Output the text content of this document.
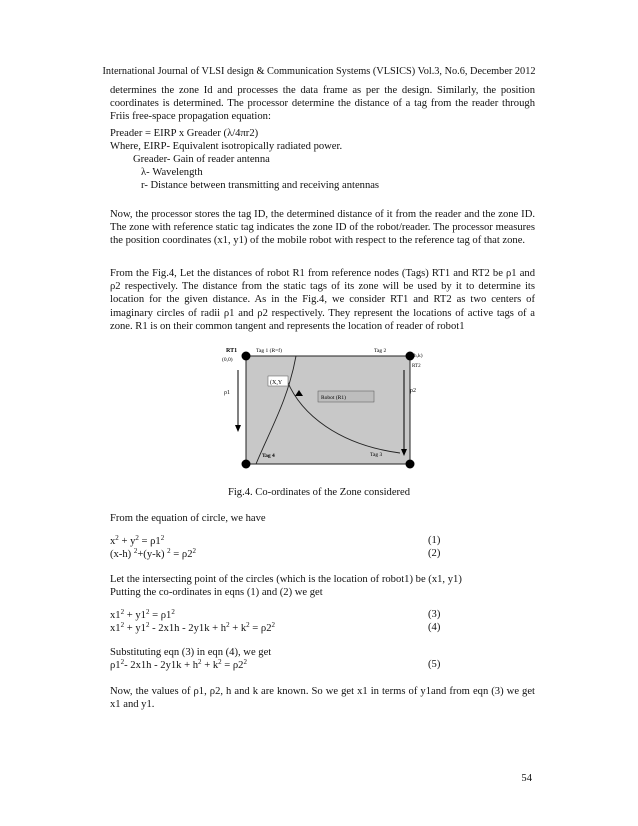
International Journal of VLSI design & Communication Systems (VLSICS) Vol.3, No.6, December 2012
determines the zone Id and processes the data frame as per the design. Similarly, the position coordinates is determined. The processor determine the distance of a tag from the reader through Friis free-space propagation equation:
Preader = EIRP x Greader (λ/4πr2)
Where, EIRP- Equivalent isotropically radiated power.
Greader- Gain of reader antenna
λ- Wavelength
r- Distance between transmitting and receiving antennas
Now, the processor stores the tag ID, the determined distance of it from the reader and the zone ID. The zone with reference static tag indicates the zone ID of the robot/reader. The processor measures the position coordinates (x1, y1) of the mobile robot with respect to the reference tag of that zone.
From the Fig.4, Let the distances of robot R1 from reference nodes (Tags) RT1 and RT2 be ρ1 and ρ2 respectively. The distance from the static tags of its zone will be used by it to determine its location for the given distance. As in the Fig.4, we consider RT1 and RT2 as two centers of imaginary circles of radii ρ1 and ρ2 respectively. They represent the locations of active tags of a zone. R1 is on their common tangent and represents the location of reader of robot1
RT1
(0,0)
Tag 1 (R=f)	Tag 2
(h,k)
RT2
(X,Y
Robot (R1)
ρ1	ρ2
Tag 4	Tag 3
Fig.4. Co-ordinates of the Zone considered
From the equation of circle, we have
$x^2 + y^2 = \rho 1^2$	(1)
(x-h) $^2$+(y-k) $^2 = \rho 2^2$	(2)
Let the intersecting point of the circles (which is the location of robot1) be (x1, y1)
Putting the co-ordinates in eqns (1) and (2) we get
$x1^2 + y1^2 = \rho 1^2$	(3)
$x1^2 + y1^2 - 2x1h - 2y1k + h^2 + k^2 = \rho 2^2$	(4)
Substituting eqn (3) in eqn (4), we get
$\rho 1^2-$ $2x1h - 2y1k + h^2 + k^2 = \rho 2^2$	(5)
Now, the values of ρ1, ρ2, h and k are known. So we get x1 in terms of y1and from eqn (3) we get x1 and y1.
54
